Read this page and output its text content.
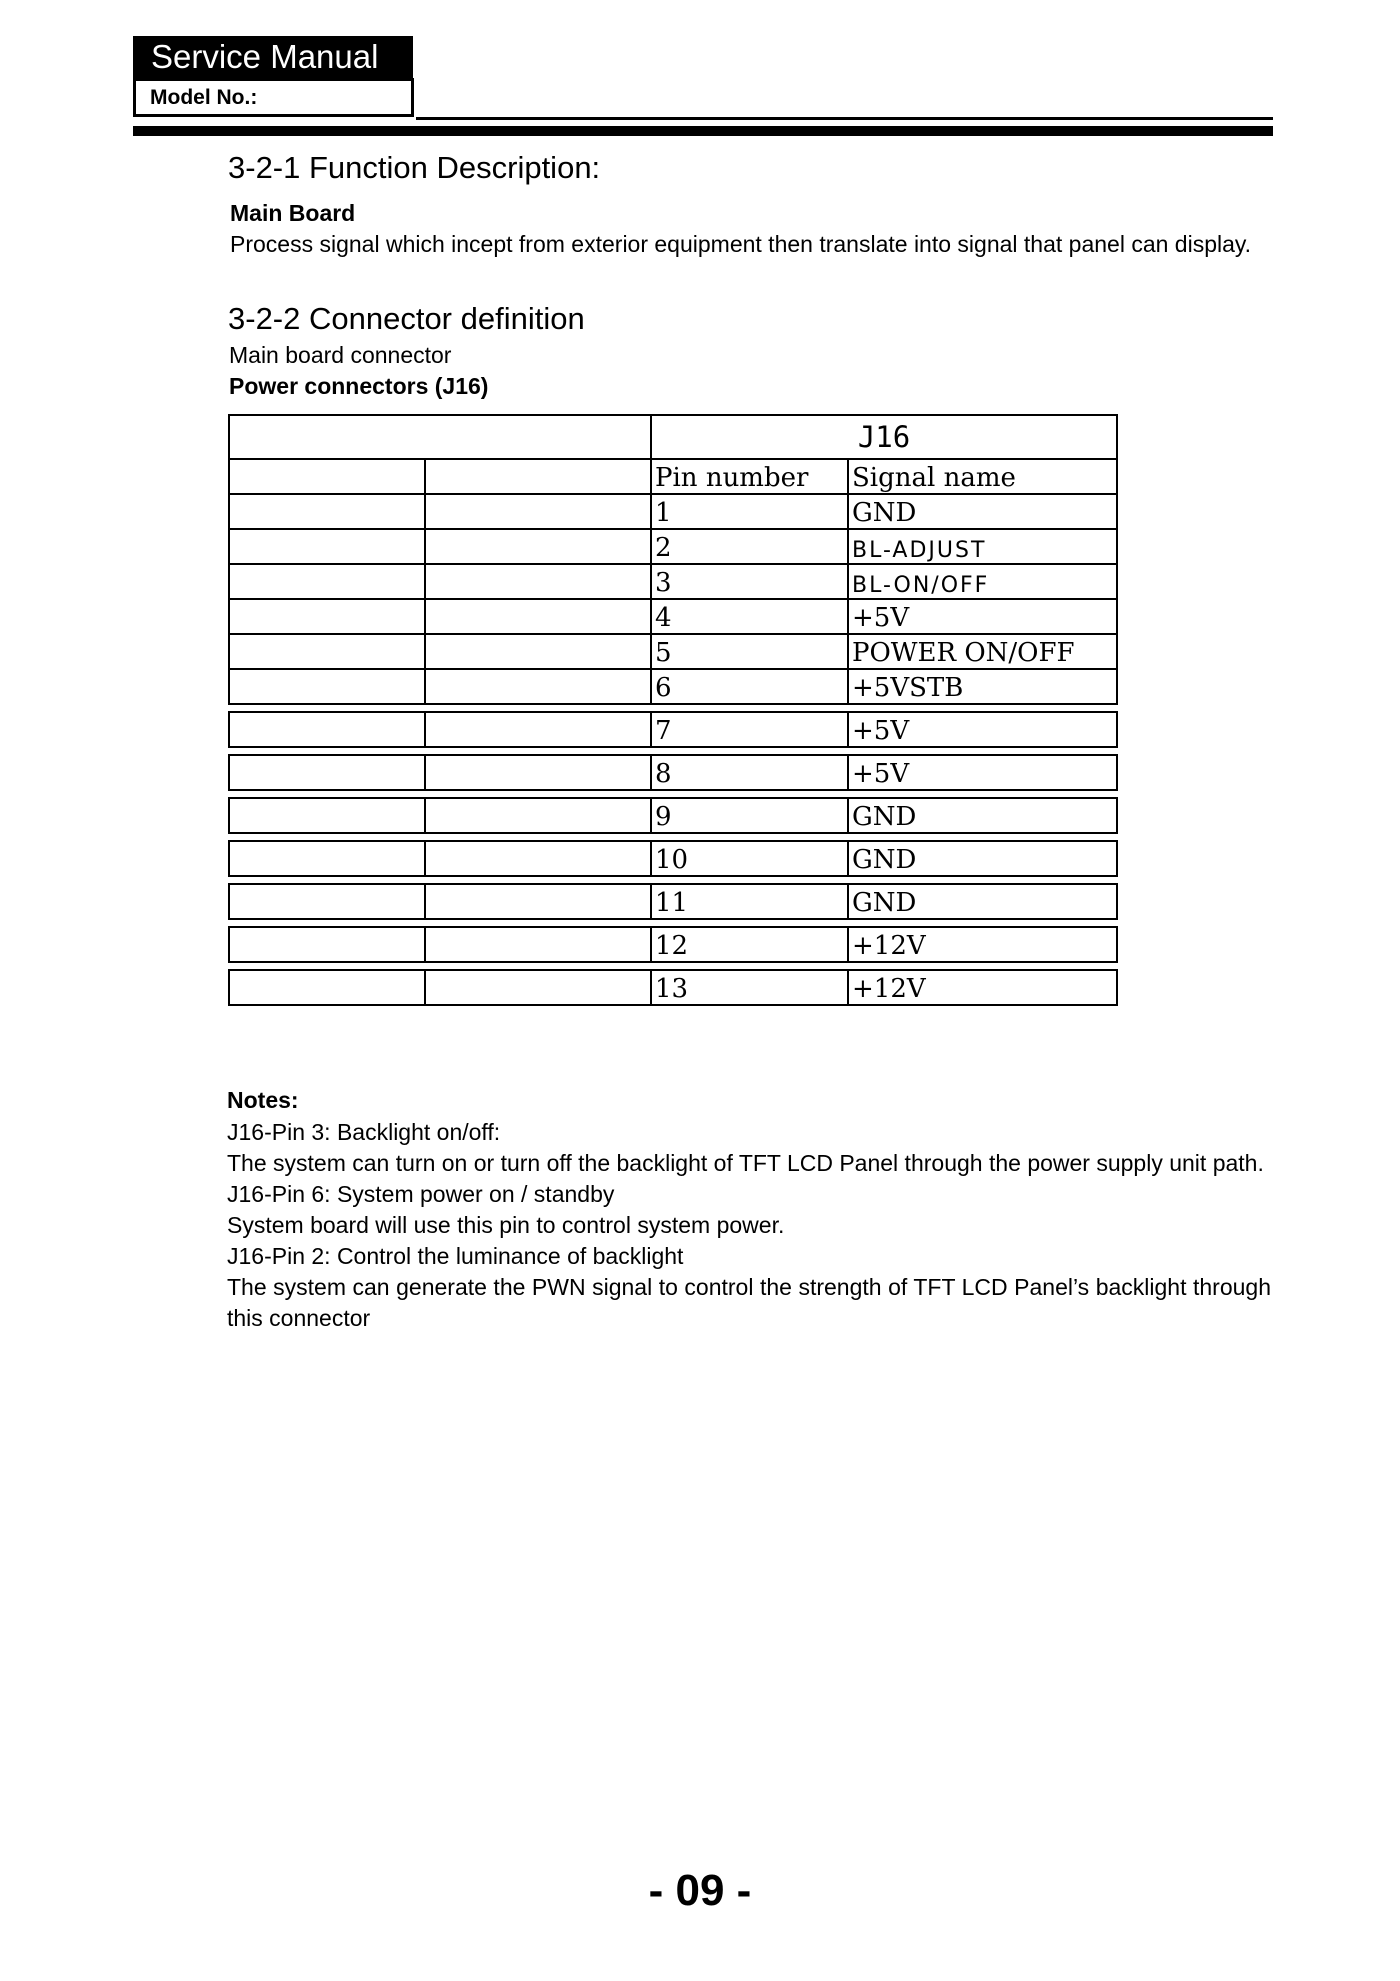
Service Manual
Model No.:
3-2-1 Function Description:
Main Board
Process signal which incept from exterior equipment then translate into signal that panel can display.
3-2-2 Connector definition
Main board connector
Power connectors (J16)
		J16	
		Pin number	Signal name
		1	GND
		2	BL-ADJUST
		3	BL-ON/OFF
		4	+5V
		5	POWER ON/OFF
		6	+5VSTB

		7	+5V

		8	+5V

		9	GND

		10	GND

		11	GND

		12	+12V

		13	+12V
Notes:
J16-Pin 3: Backlight on/off:
The system can turn on or turn off the backlight of TFT LCD Panel through the power supply unit path.
J16-Pin 6: System power on / standby
System board will use this pin to control system power.
J16-Pin 2: Control the luminance of backlight
The system can generate the PWN signal to control the strength of TFT LCD Panel’s backlight through this connector
- 09 -
